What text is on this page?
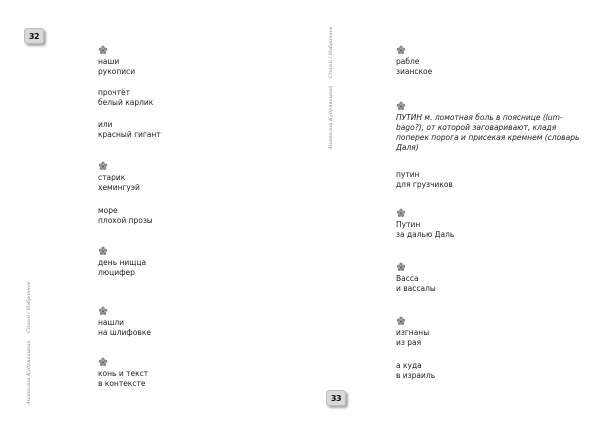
32
Анатолий Кудрявицкий Стихи / Избранное
наши
рукописи
прочтёт
белый карлик
или
красный гигант
старик
хемингуэй
море
плохой прозы
день нищца
люцифер
нашли
на шлифовке
конь и текст
в контексте
33
Анатолий Кудрявицкий Стихи / Избранное	рабле
зианское
ПУТИН м. ломотная боль в пояснице (lum-bago?), от которой заговаривают, кладя поперек порога и присекая кремнем (словарь Даля)
путин
для грузчиков
Путин
за далью Даль
Васса
и вассалы
изгнаны
из рая
а куда
в израиль
